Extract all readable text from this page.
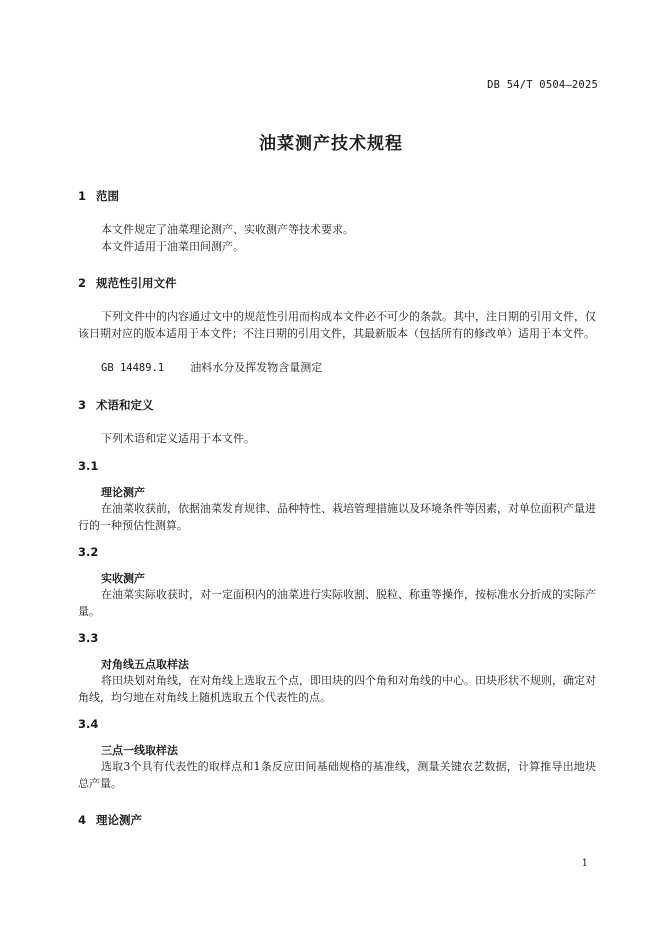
DB 54/T 0504—2025
油菜测产技术规程
1 范围
本文件规定了油菜理论测产、实收测产等技术要求。
本文件适用于油菜田间测产。
2 规范性引用文件
下列文件中的内容通过文中的规范性引用而构成本文件必不可少的条款。其中，注日期的引用文件，仅该日期对应的版本适用于本文件；不注日期的引用文件，其最新版本（包括所有的修改单）适用于本文件。
GB 14489.1 油料水分及挥发物含量测定
3 术语和定义
下列术语和定义适用于本文件。
3.1
理论测产
在油菜收获前，依据油菜发育规律、品种特性、栽培管理措施以及环境条件等因素，对单位面积产量进行的一种预估性测算。
3.2
实收测产
在油菜实际收获时，对一定面积内的油菜进行实际收割、脱粒、称重等操作，按标准水分折成的实际产量。
3.3
对角线五点取样法
将田块划对角线，在对角线上选取五个点，即田块的四个角和对角线的中心。田块形状不规则，确定对角线，均匀地在对角线上随机选取五个代表性的点。
3.4
三点一线取样法
选取3个具有代表性的取样点和1条反应田间基础规格的基准线，测量关键农艺数据，计算推导出地块总产量。
4 理论测产
1
